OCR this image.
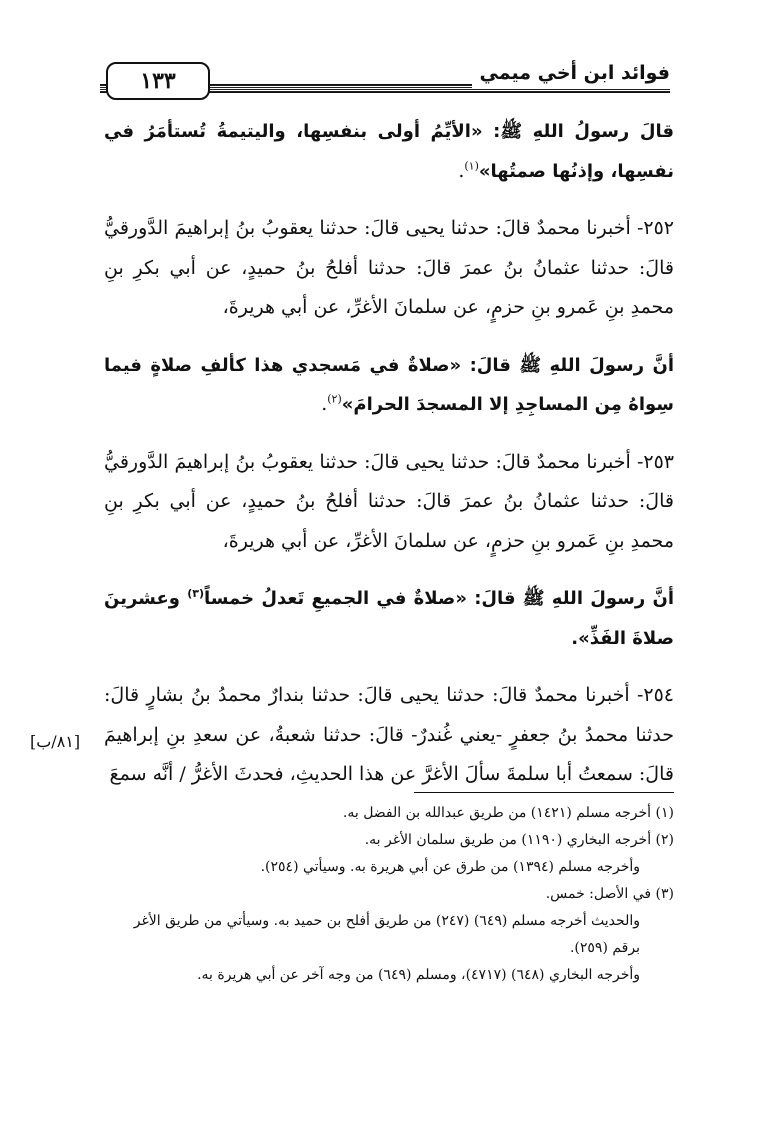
فوائد ابن أخي ميمي
١٣٣

قالَ رسولُ اللهِ ﷺ: «الأيِّمُ أولى بنفسِها، واليتيمةُ تُستأمَرُ في نفسِها، وإذنُها صمتُها»$^{(١)}$.

٢٥٢- أخبرنا محمدٌ قالَ: حدثنا يحيى قالَ: حدثنا يعقوبُ بنُ إبراهيمَ الدَّورقيُّ قالَ: حدثنا عثمانُ بنُ عمرَ قالَ: حدثنا أفلحُ بنُ حميدٍ، عن أبي بكرِ بنِ محمدِ بنِ عَمرو بنِ حزمٍ، عن سلمانَ الأغرِّ، عن أبي هريرةَ،

أنَّ رسولَ اللهِ ﷺ قالَ: «صلاةٌ في مَسجدي هذا كألفِ صلاةٍ فيما سِواهُ مِن المساجِدِ إلا المسجدَ الحرامَ»$^{(٢)}$.

٢٥٣- أخبرنا محمدٌ قالَ: حدثنا يحيى قالَ: حدثنا يعقوبُ بنُ إبراهيمَ الدَّورقيُّ قالَ: حدثنا عثمانُ بنُ عمرَ قالَ: حدثنا أفلحُ بنُ حميدٍ، عن أبي بكرِ بنِ محمدِ بنِ عَمرو بنِ حزمٍ، عن سلمانَ الأغرِّ، عن أبي هريرةَ،

أنَّ رسولَ اللهِ ﷺ قالَ: «صلاةٌ في الجميعِ تَعدلُ خمساً$^{(٣)}$ وعشرينَ صلاةَ الفَذِّ».

٢٥٤- أخبرنا محمدٌ قالَ: حدثنا يحيى قالَ: حدثنا بندارٌ محمدُ بنُ بشارٍ قالَ: حدثنا محمدُ بنُ جعفرٍ -يعني غُندرٌ- قالَ: حدثنا شعبةُ، عن سعدِ بنِ إبراهيمَ قالَ: سمعتُ أبا سلمةَ سألَ الأغرَّ عن هذا الحديثِ، فحدثَ الأغرُّ / أنَّه سمعَ

[٨١/ب]
(١) أخرجه مسلم (١٤٢١) من طريق عبدالله بن الفضل به.
(٢) أخرجه البخاري (١١٩٠) من طريق سلمان الأغر به.
وأخرجه مسلم (١٣٩٤) من طرق عن أبي هريرة به. وسيأتي (٢٥٤).
(٣) في الأصل: خمس.
والحديث أخرجه مسلم (٦٤٩) (٢٤٧) من طريق أفلح بن حميد به. وسيأتي من طريق الأغر برقم (٢٥٩).
وأخرجه البخاري (٦٤٨) (٤٧١٧)، ومسلم (٦٤٩) من وجه آخر عن أبي هريرة به.
